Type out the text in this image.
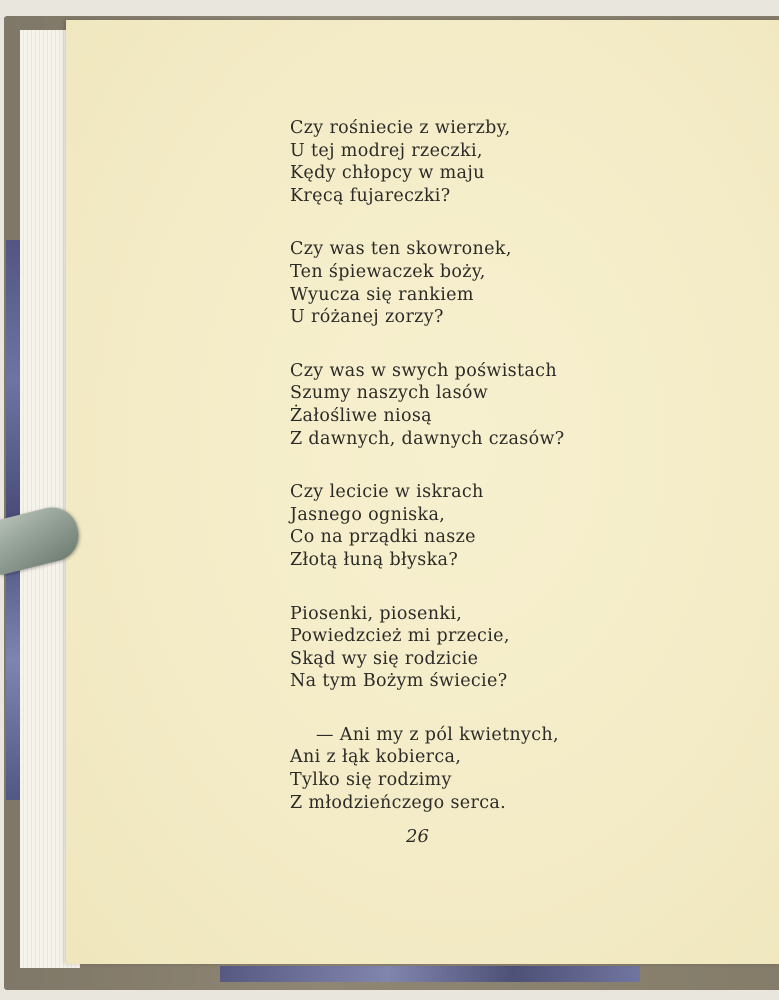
Czy rośniecie z wierzby,
U tej modrej rzeczki,
Kędy chłopcy w maju
Kręcą fujareczki?
Czy was ten skowronek,
Ten śpiewaczek boży,
Wyucza się rankiem
U różanej zorzy?
Czy was w swych poświstach
Szumy naszych lasów
Żałośliwe niosą
Z dawnych, dawnych czasów?
Czy lecicie w iskrach
Jasnego ogniska,
Co na prządki nasze
Złotą łuną błyska?
Piosenki, piosenki,
Powiedzcież mi przecie,
Skąd wy się rodzicie
Na tym Bożym świecie?
— Ani my z pól kwietnych,
Ani z łąk kobierca,
Tylko się rodzimy
Z młodzieńczego serca.
26
